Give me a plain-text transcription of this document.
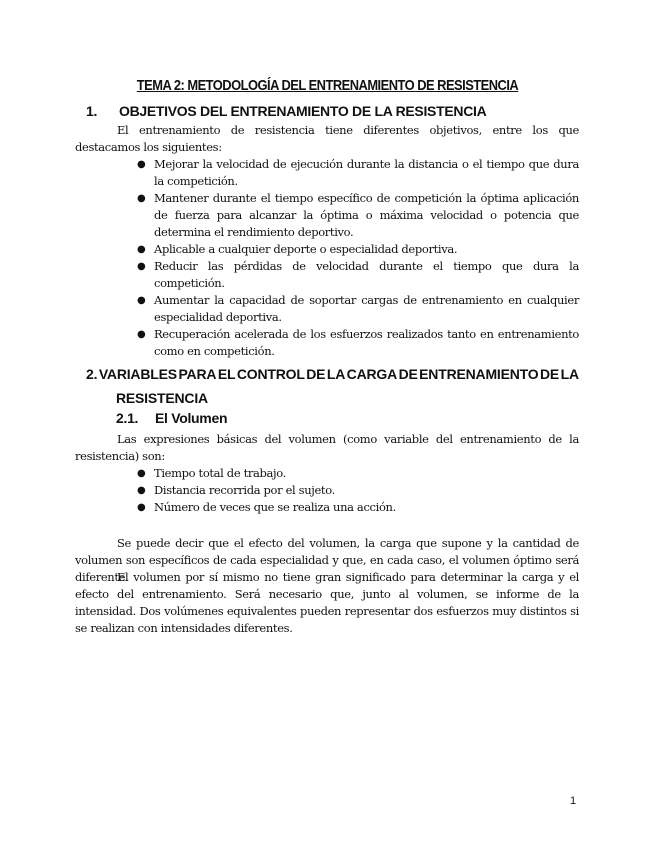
TEMA 2: METODOLOGÍA DEL ENTRENAMIENTO DE RESISTENCIA
1. OBJETIVOS DEL ENTRENAMIENTO DE LA RESISTENCIA
El entrenamiento de resistencia tiene diferentes objetivos, entre los que destacamos los siguientes:
● Mejorar la velocidad de ejecución durante la distancia o el tiempo que dura la competición.
● Mantener durante el tiempo específico de competición la óptima aplicación de fuerza para alcanzar la óptima o máxima velocidad o potencia que determina el rendimiento deportivo.
● Aplicable a cualquier deporte o especialidad deportiva.
● Reducir las pérdidas de velocidad durante el tiempo que dura la competición.
● Aumentar la capacidad de soportar cargas de entrenamiento en cualquier especialidad deportiva.
● Recuperación acelerada de los esfuerzos realizados tanto en entrenamiento como en competición.
2. VARIABLES PARA EL CONTROL DE LA CARGA DE ENTRENAMIENTO DE LA
RESISTENCIA
2.1. El Volumen
Las expresiones básicas del volumen (como variable del entrenamiento de la resistencia) son:
● Tiempo total de trabajo.
● Distancia recorrida por el sujeto.
● Número de veces que se realiza una acción.
Se puede decir que el efecto del volumen, la carga que supone y la cantidad de volumen son específicos de cada especialidad y que, en cada caso, el volumen óptimo será diferente.
El volumen por sí mismo no tiene gran significado para determinar la carga y el efecto del entrenamiento. Será necesario que, junto al volumen, se informe de la intensidad. Dos volúmenes equivalentes pueden representar dos esfuerzos muy distintos si se realizan con intensidades diferentes.
1
